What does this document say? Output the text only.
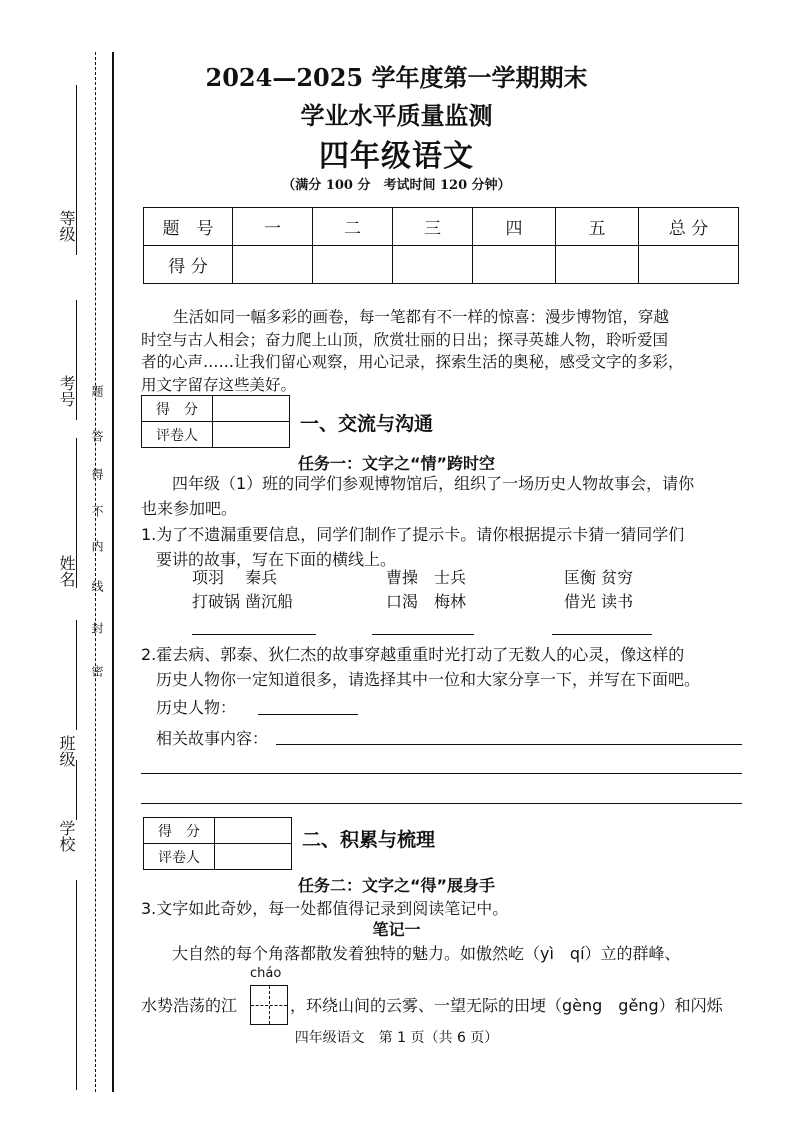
等级
考号
姓名
班级
学校
密
封
线
内
不
得
答
题
2024—2025 学年度第一学期期末
学业水平质量监测
四年级语文
（满分 100 分　考试时间 120 分钟）
题　号	一	二	三	四	五	总 分
得 分						
生活如同一幅多彩的画卷，每一笔都有不一样的惊喜：漫步博物馆，穿越
时空与古人相会；奋力爬上山顶，欣赏壮丽的日出；探寻英雄人物，聆听爱国
者的心声……让我们留心观察，用心记录，探索生活的奥秘，感受文字的多彩，
用文字留存这些美好。
得　分	
评卷人	
一、交流与沟通
任务一：文字之“情”跨时空
四年级（1）班的同学们参观博物馆后，组织了一场历史人物故事会，请你
也来参加吧。
1.为了不遗漏重要信息，同学们制作了提示卡。请你根据提示卡猜一猜同学们
要讲的故事，写在下面的横线上。
项羽　 秦兵
打破锅 凿沉船
曹操　士兵
口渴　梅林
匡衡 贫穷
借光 读书
2.霍去病、郭泰、狄仁杰的故事穿越重重时光打动了无数人的心灵，像这样的
历史人物你一定知道很多，请选择其中一位和大家分享一下，并写在下面吧。
历史人物：
相关故事内容：
得　分	
评卷人	
二、积累与梳理
任务二：文字之“得”展身手
3.文字如此奇妙，每一处都值得记录到阅读笔记中。
笔记一
大自然的每个角落都散发着独特的魅力。如傲然屹（yì　qí）立的群峰、
cháo
水势浩荡的江	，环绕山间的云雾、一望无际的田埂（gèng　gěng）和闪烁
四年级语文　第 1 页（共 6 页）
